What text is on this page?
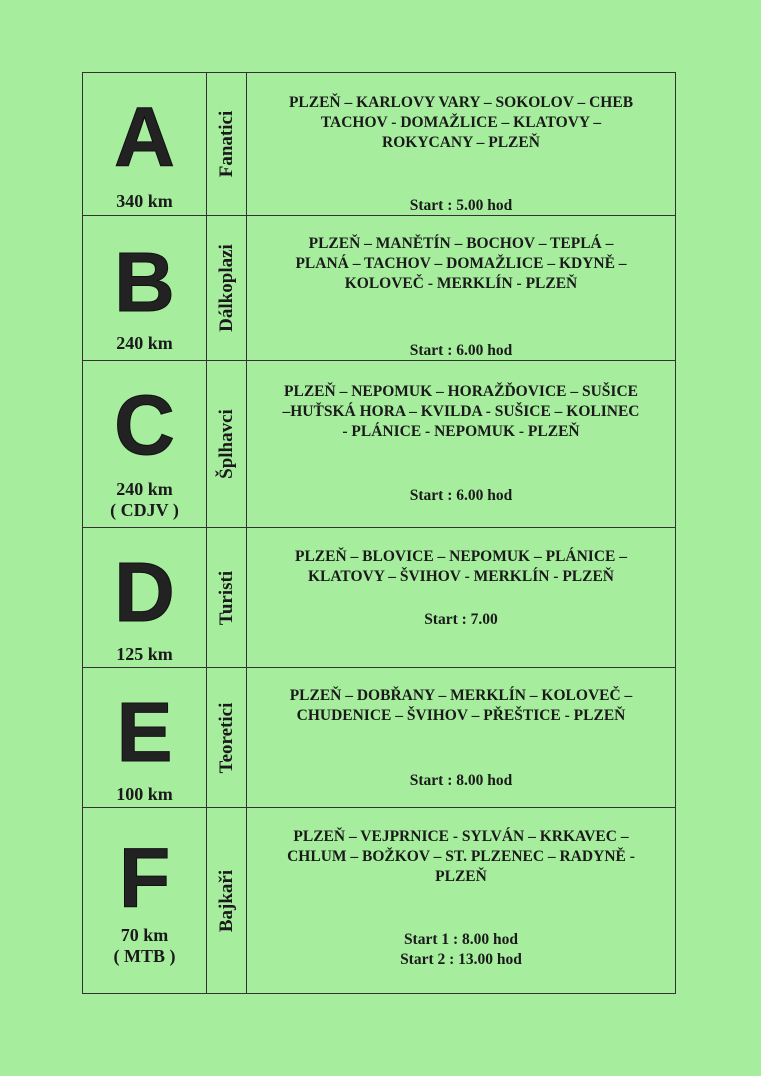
A
340 km
Fanatici
PLZEŇ – KARLOVY VARY – SOKOLOV – CHEB
TACHOV - DOMAŽLICE – KLATOVY –
ROKYCANY – PLZEŇ
Start : 5.00 hod
B
240 km
Dálkoplazi
PLZEŇ – MANĚTÍN – BOCHOV – TEPLÁ –
PLANÁ – TACHOV – DOMAŽLICE – KDYNĚ –
KOLOVEČ - MERKLÍN - PLZEŇ
Start : 6.00 hod
C
240 km
( CDJV )
Šplhavci
PLZEŇ – NEPOMUK – HORAŽĎOVICE – SUŠICE
–HUŤSKÁ HORA – KVILDA - SUŠICE – KOLINEC
- PLÁNICE - NEPOMUK - PLZEŇ
Start : 6.00 hod
D
125 km
Turisti
PLZEŇ – BLOVICE – NEPOMUK – PLÁNICE –
KLATOVY – ŠVIHOV - MERKLÍN - PLZEŇ
Start : 7.00
E
100 km
Teoretici
PLZEŇ – DOBŘANY – MERKLÍN – KOLOVEČ –
CHUDENICE – ŠVIHOV – PŘEŠTICE - PLZEŇ
Start : 8.00 hod
F
70 km
( MTB )
Bajkaři
PLZEŇ – VEJPRNICE - SYLVÁN – KRKAVEC –
CHLUM – BOŽKOV – ST. PLZENEC – RADYNĚ -
PLZEŇ
Start 1 : 8.00 hod
Start 2 : 13.00 hod
